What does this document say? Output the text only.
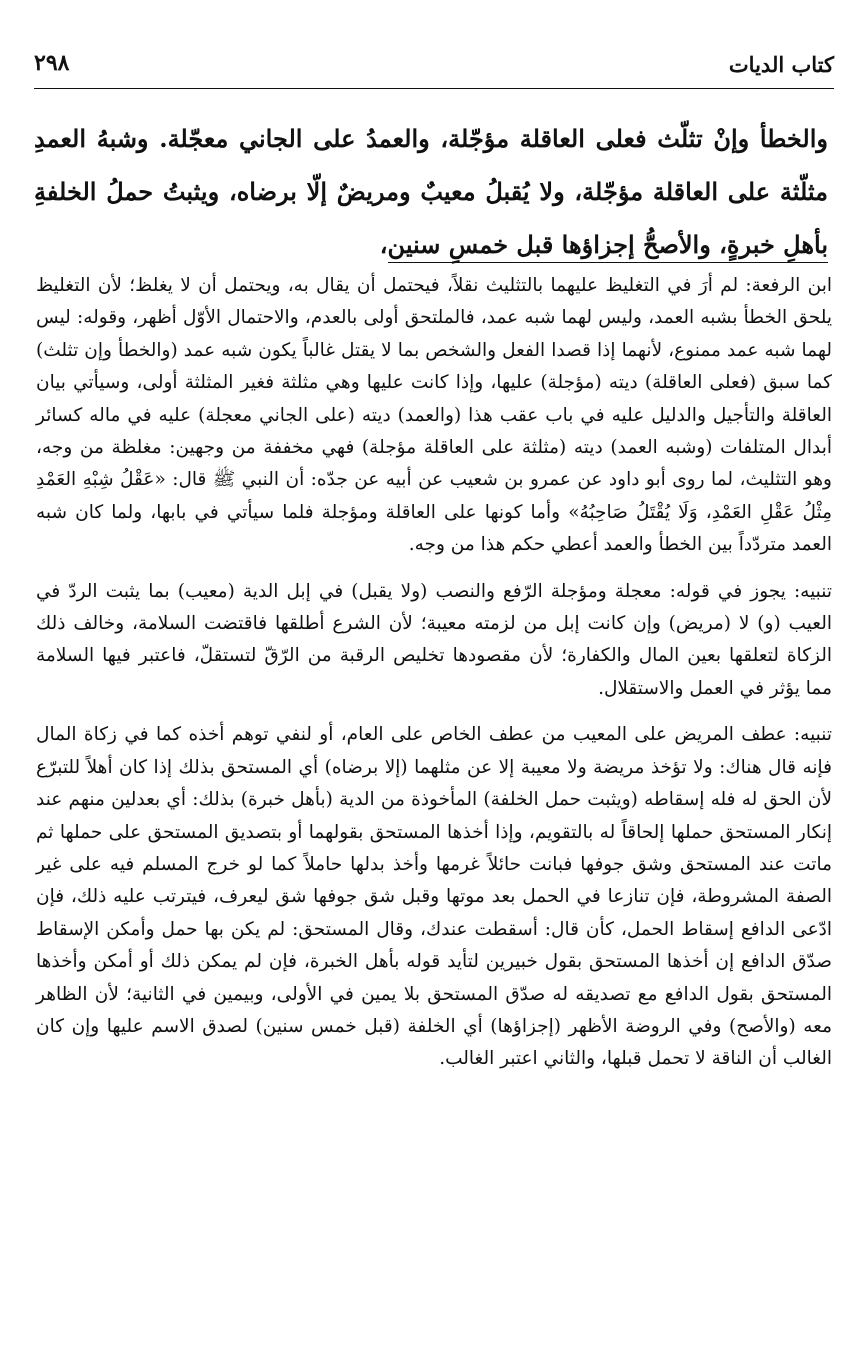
كتاب الديات
٢٩٨

والخطأ وإنْ تثلّث فعلى العاقلة مؤجّلة، والعمدُ على الجاني معجّلة. وشبهُ العمدِ مثلّثة على العاقلة مؤجّلة، ولا يُقبلُ معيبٌ ومريضٌ إلّا برضاه، ويثبتُ حملُ الخلفةِ بأهلِ خبرةٍ، والأصحُّ إجزاؤها قبل خمسِ سنين،

ابن الرفعة: لم أرَ في التغليظ عليهما بالتثليث نقلاً، فيحتمل أن يقال به، ويحتمل أن لا يغلظ؛ لأن التغليظ يلحق الخطأ بشبه العمد، وليس لهما شبه عمد، فالملتحق أولى بالعدم، والاحتمال الأوّل أظهر، وقوله: ليس لهما شبه عمد ممنوع، لأنهما إذا قصدا الفعل والشخص بما لا يقتل غالباً يكون شبه عمد (والخطأ وإن تثلث) كما سبق (فعلى العاقلة) ديته (مؤجلة) عليها، وإذا كانت عليها وهي مثلثة فغير المثلثة أولى، وسيأتي بيان العاقلة والتأجيل والدليل عليه في باب عقب هذا (والعمد) ديته (على الجاني معجلة) عليه في ماله كسائر أبدال المتلفات (وشبه العمد) ديته (مثلثة على العاقلة مؤجلة) فهي مخففة من وجهين: مغلظة من وجه، وهو التثليث، لما روى أبو داود عن عمرو بن شعيب عن أبيه عن جدّه: أن النبي ﷺ قال: «عَقْلُ شِبْهِ العَمْدِ مِثْلُ عَقْلِ العَمْدِ، وَلَا يُقْتَلُ صَاحِبُهُ» وأما كونها على العاقلة ومؤجلة فلما سيأتي في بابها، ولما كان شبه العمد متردّداً بين الخطأ والعمد أعطي حكم هذا من وجه.

تنبيه: يجوز في قوله: معجلة ومؤجلة الرّفع والنصب (ولا يقبل) في إبل الدية (معيب) بما يثبت الردّ في العيب (و) لا (مريض) وإن كانت إبل من لزمته معيبة؛ لأن الشرع أطلقها فاقتضت السلامة، وخالف ذلك الزكاة لتعلقها بعين المال والكفارة؛ لأن مقصودها تخليص الرقبة من الرّقّ لتستقلّ، فاعتبر فيها السلامة مما يؤثر في العمل والاستقلال.

تنبيه: عطف المريض على المعيب من عطف الخاص على العام، أو لنفي توهم أخذه كما في زكاة المال فإنه قال هناك: ولا تؤخذ مريضة ولا معيبة إلا عن مثلهما (إلا برضاه) أي المستحق بذلك إذا كان أهلاً للتبرّع لأن الحق له فله إسقاطه (ويثبت حمل الخلفة) المأخوذة من الدية (بأهل خبرة) بذلك: أي بعدلين منهم عند إنكار المستحق حملها إلحاقاً له بالتقويم، وإذا أخذها المستحق بقولهما أو بتصديق المستحق على حملها ثم ماتت عند المستحق وشق جوفها فبانت حائلاً غرمها وأخذ بدلها حاملاً كما لو خرج المسلم فيه على غير الصفة المشروطة، فإن تنازعا في الحمل بعد موتها وقبل شق جوفها شق ليعرف، فيترتب عليه ذلك، فإن ادّعى الدافع إسقاط الحمل، كأن قال: أسقطت عندك، وقال المستحق: لم يكن بها حمل وأمكن الإسقاط صدّق الدافع إن أخذها المستحق بقول خبيرين لتأيد قوله بأهل الخبرة، فإن لم يمكن ذلك أو أمكن وأخذها المستحق بقول الدافع مع تصديقه له صدّق المستحق بلا يمين في الأولى، وبيمين في الثانية؛ لأن الظاهر معه (والأصح) وفي الروضة الأظهر (إجزاؤها) أي الخلفة (قبل خمس سنين) لصدق الاسم عليها وإن كان الغالب أن الناقة لا تحمل قبلها، والثاني اعتبر الغالب.
